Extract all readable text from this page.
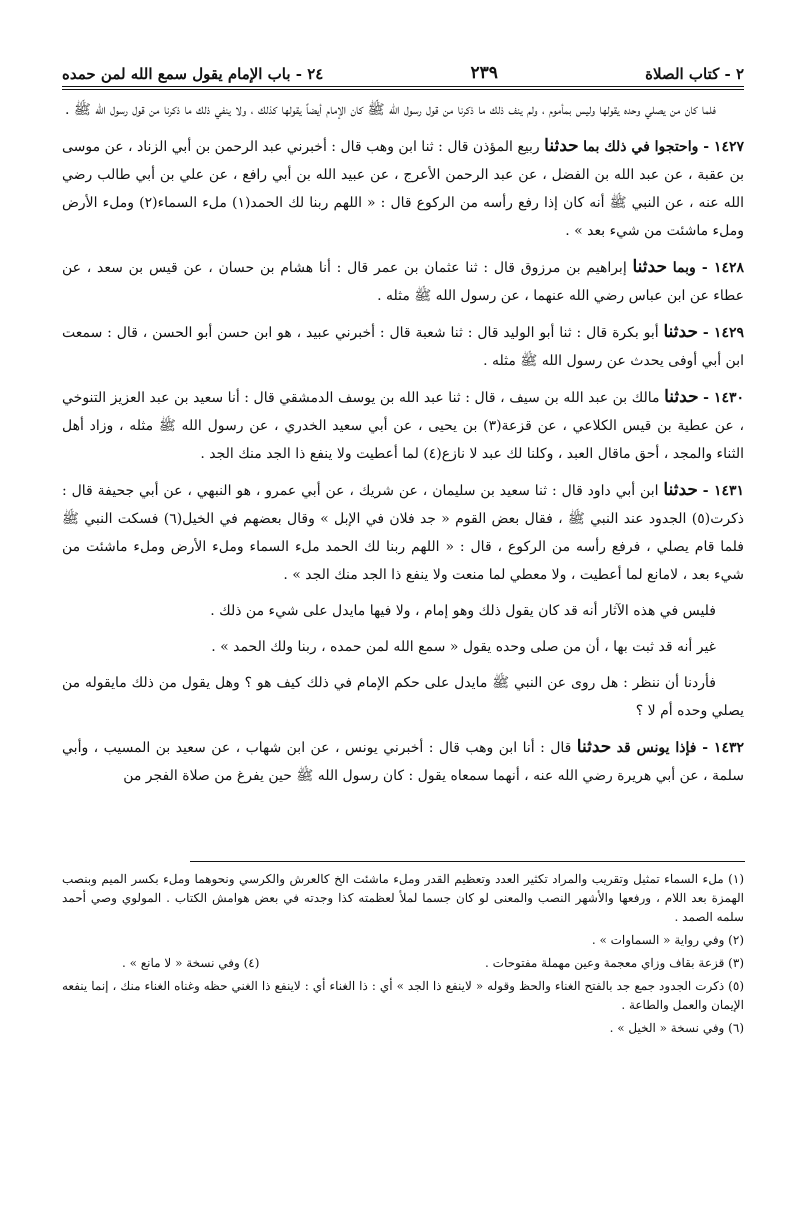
٢ - كتاب الصلاة
٢٣٩
٢٤ - باب الإمام يقول سمع الله لمن حمده

فلما كان من يصلي وحده يقولها وليس بمأموم ، ولم ينف ذلك ما ذكرنا من قول رسول الله ﷺ كان الإمام أيضاً يقولها كذلك ، ولا ينفي ذلك ما ذكرنا من قول رسول الله ﷺ .

١٤٢٧ - واحتجوا في ذلك بما حدثنا ربيع المؤذن قال : ثنا ابن وهب قال : أخبرني عبد الرحمن بن أبي الزناد ، عن موسى بن عقبة ، عن عبد الله بن الفضل ، عن عبد الرحمن الأعرج ، عن عبيد الله بن أبي رافع ، عن علي بن أبي طالب رضي الله عنه ، عن النبي ﷺ أنه كان إذا رفع رأسه من الركوع قال : « اللهم ربنا لك الحمد(١) ملء السماء(٢) وملء الأرض وملء ماشئت من شيء بعد » .

١٤٢٨ - وبما حدثنا إبراهيم بن مرزوق قال : ثنا عثمان بن عمر قال : أنا هشام بن حسان ، عن قيس بن سعد ، عن عطاء عن ابن عباس رضي الله عنهما ، عن رسول الله ﷺ مثله .

١٤٢٩ - حدثنا أبو بكرة قال : ثنا أبو الوليد قال : ثنا شعبة قال : أخبرني عبيد ، هو ابن حسن أبو الحسن ، قال : سمعت ابن أبي أوفى يحدث عن رسول الله ﷺ مثله .

١٤٣٠ - حدثنا مالك بن عبد الله بن سيف ، قال : ثنا عبد الله بن يوسف الدمشقي قال : أنا سعيد بن عبد العزيز التنوخي ، عن عطية بن قيس الكلاعي ، عن قزعة(٣) بن يحيى ، عن أبي سعيد الخدري ، عن رسول الله ﷺ مثله ، وزاد أهل الثناء والمجد ، أحق ماقال العبد ، وكلنا لك عبد لا نازع(٤) لما أعطيت ولا ينفع ذا الجد منك الجد .

١٤٣١ - حدثنا ابن أبي داود قال : ثنا سعيد بن سليمان ، عن شريك ، عن أبي عمرو ، هو النبهي ، عن أبي جحيفة قال : ذكرت(٥) الجدود عند النبي ﷺ ، فقال بعض القوم « جد فلان في الإبل » وقال بعضهم في الخيل(٦) فسكت النبي ﷺ فلما قام يصلي ، فرفع رأسه من الركوع ، قال : « اللهم ربنا لك الحمد ملء السماء وملء الأرض وملء ماشئت من شيء بعد ، لامانع لما أعطيت ، ولا معطي لما منعت ولا ينفع ذا الجد منك الجد » .

فليس في هذه الآثار أنه قد كان يقول ذلك وهو إمام ، ولا فيها مايدل على شيء من ذلك .

غير أنه قد ثبت بها ، أن من صلى وحده يقول « سمع الله لمن حمده ، ربنا ولك الحمد » .

فأردنا أن ننظر : هل روى عن النبي ﷺ مايدل على حكم الإمام في ذلك كيف هو ؟ وهل يقول من ذلك مايقوله من يصلي وحده أم لا ؟

١٤٣٢ - فإذا يونس قد حدثنا قال : أنا ابن وهب قال : أخبرني يونس ، عن ابن شهاب ، عن سعيد بن المسيب ، وأبي سلمة ، عن أبي هريرة رضي الله عنه ، أنهما سمعاه يقول : كان رسول الله ﷺ حين يفرغ من صلاة الفجر من

(١) ملء السماء تمثيل وتقريب والمراد تكثير العدد وتعظيم القدر وملء ماشئت الخ كالعرش والكرسي ونحوهما وملء بكسر الميم وبنصب الهمزة بعد اللام ، ورفعها والأشهر النصب والمعنى لو كان جسما لملأ لعظمته كذا وجدته في بعض هوامش الكتاب . المولوي وصي أحمد سلمه الصمد .

(٢) وفي رواية « السماوات » .

(٣) قزعة بقاف وزاي معجمة وعين مهملة مفتوحات .
(٤) وفي نسخة « لا مانع » .

(٥) ذكرت الجدود جمع جد بالفتح الغناء والحظ وقوله « لاينفع ذا الجد » أي : ذا الغناء أي : لاينفع ذا الغني حظه وغناه الغناء منك ، إنما ينفعه الإيمان والعمل والطاعة .

(٦) وفي نسخة « الخيل » .
